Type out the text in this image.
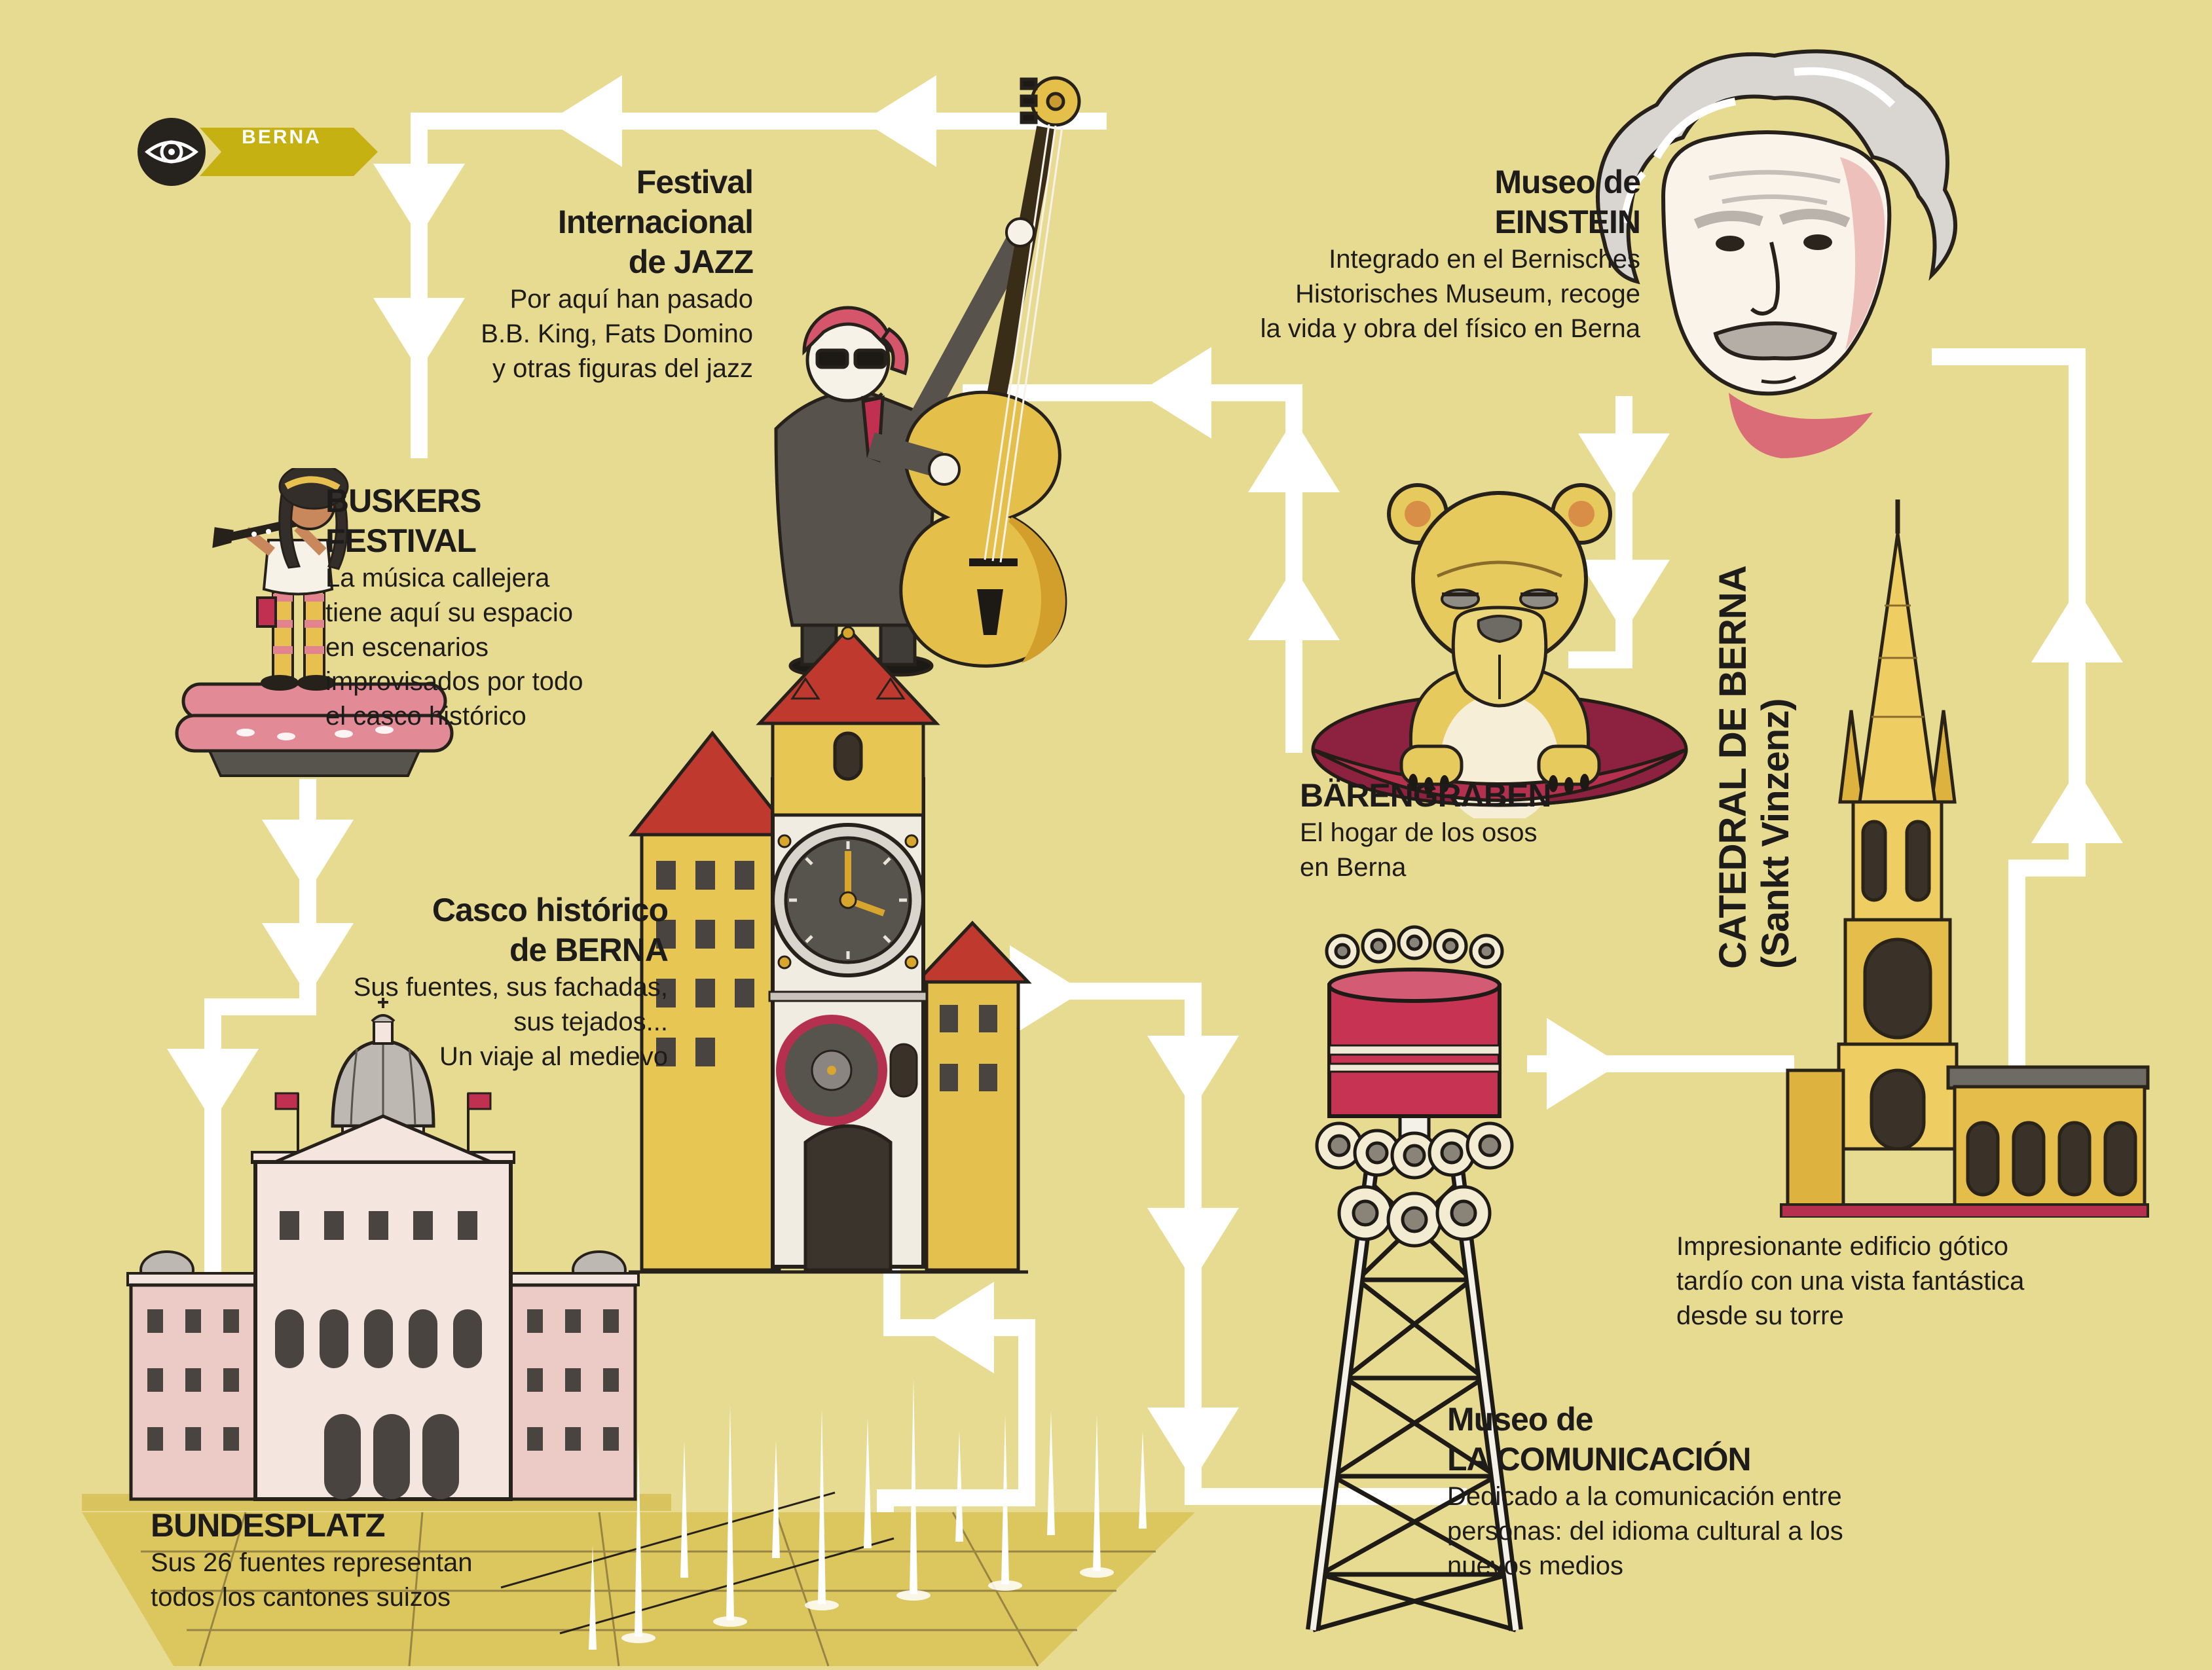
BERNA
Festival
Internacional
de JAZZ
Por aquí han pasado
B.B. King, Fats Domino
y otras figuras del jazz
BUSKERS
FESTIVAL
La música callejera
tiene aquí su espacio
en escenarios
improvisados por todo
el casco histórico
Museo de
EINSTEIN
Integrado en el Bernisches
Historisches Museum, recoge
la vida y obra del físico en Berna
BÄRENGRABEN
El hogar de los osos
en Berna	CATEDRAL DE BERNA (Sankt Vinzenz)
Impresionante edificio gótico
tardío con una vista fantástica
desde su torre
Casco histórico
de BERNA
Sus fuentes, sus fachadas,
sus tejados...
Un viaje al medievo
BUNDESPLATZ
Sus 26 fuentes representan
todos los cantones suizos
Museo de
LA COMUNICACIÓN
Dedicado a la comunicación entre
personas: del idioma cultural a los
nuevos medios
